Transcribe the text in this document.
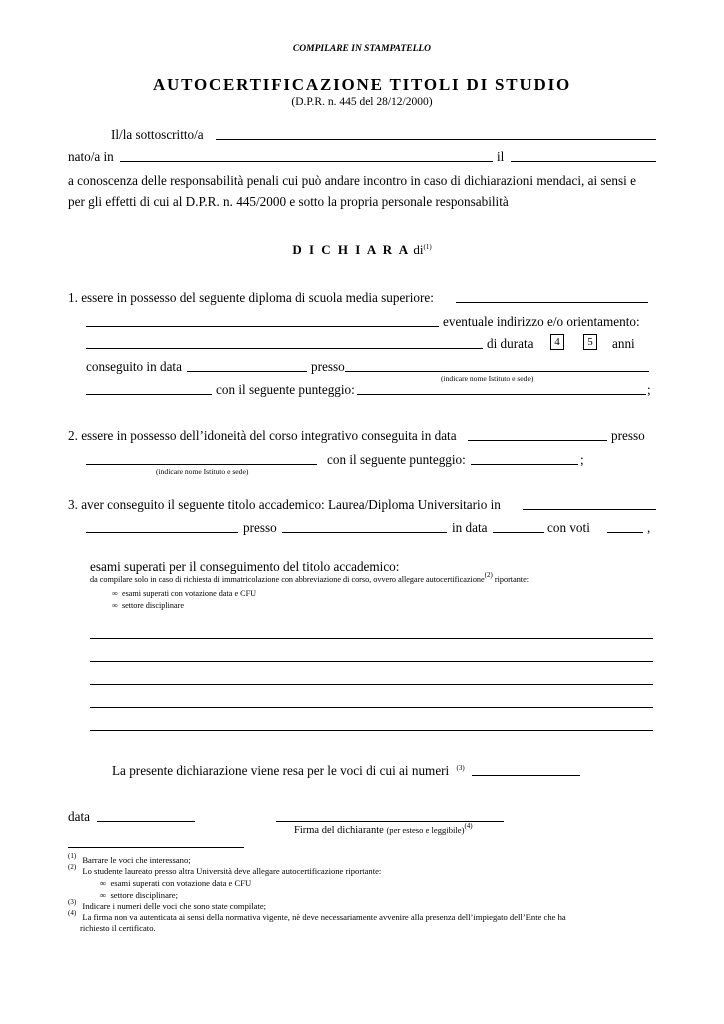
COMPILARE IN STAMPATELLO
AUTOCERTIFICAZIONE TITOLI DI STUDIO
(D.P.R. n. 445 del 28/12/2000)
Il/la sottoscritto/a
nato/a in	il
a conoscenza delle responsabilità penali cui può andare incontro in caso di dichiarazioni mendaci, ai sensi e
per gli effetti di cui al D.P.R. n. 445/2000 e sotto la propria personale responsabilità
D I C H I A R A $di^{(1)}$
1. essere in possesso del seguente diploma di scuola media superiore:
eventuale indirizzo e/o orientamento:
di durata	4	5	anni
conseguito in data	presso
(indicare nome Istituto e sede)
con il seguente punteggio:	;
2. essere in possesso dell’idoneità del corso integrativo conseguita in data	presso
(indicare nome Istituto e sede)
con il seguente punteggio:	;
3. aver conseguito il seguente titolo accademico: Laurea/Diploma Universitario in
presso	in data	con voti	,
esami superati per il conseguimento del titolo accademico:
da compilare solo in caso di richiesta di immatricolazione con abbreviazione di corso, ovvero allegare autocertificazione$^{(2)}$ riportante:
∞ esami superati con votazione data e CFU
∞ settore disciplinare
La presente dichiarazione viene resa per le voci di cui ai numeri $^{(3)}$
data
Firma del dichiarante (per esteso e leggibile)$^{(4)}$
$^{(1)}$ Barrare le voci che interessano;
$^{(2)}$ Lo studente laureato presso altra Università deve allegare autocertificazione riportante:
∞ esami superati con votazione data e CFU
∞ settore disciplinare;
$^{(3)}$ Indicare i numeri delle voci che sono state compilate;
$^{(4)}$ La firma non va autenticata ai sensi della normativa vigente, nè deve necessariamente avvenire alla presenza dell’impiegato dell’Ente che ha
richiesto il certificato.
